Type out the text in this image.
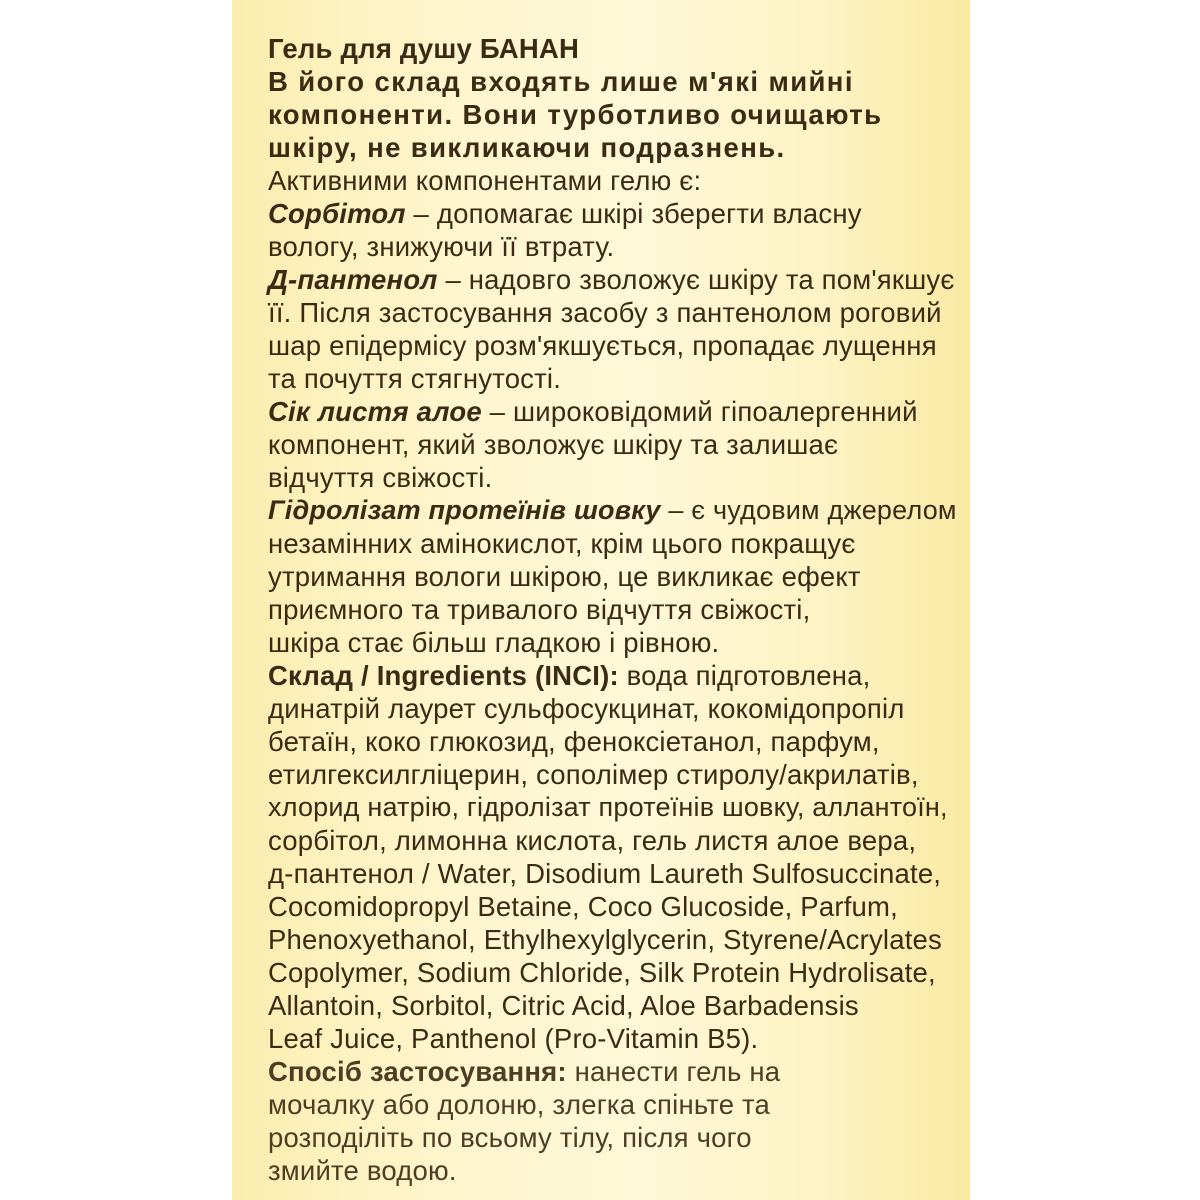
Гель для душу БАНАН
В його склад входять лише м'які мийні
компоненти. Вони турботливо очищають
шкіру, не викликаючи подразнень.
Активними компонентами гелю є:
Сорбітол – допомагає шкірі зберегти власну
вологу, знижуючи її втрату.
Д-пантенол – надовго зволожує шкіру та пом'якшує
її. Після застосування засобу з пантенолом роговий
шар епідермісу розм'якшується, пропадає лущення
та почуття стягнутості.
Сік листя алое – широковідомий гіпоалергенний
компонент, який зволожує шкіру та залишає
відчуття свіжості.
Гідролізат протеїнів шовку – є чудовим джерелом
незамінних амінокислот, крім цього покращує
утримання вологи шкірою, це викликає ефект
приємного та тривалого відчуття свіжості,
шкіра стає більш гладкою і рівною.
Склад / Ingredients (INCI): вода підготовлена,
динатрій лаурет сульфосукцинат, кокомідопропіл
бетаїн, коко глюкозид, феноксіетанол, парфум,
етилгексилгліцерин, сополімер стиролу/акрилатів,
хлорид натрію, гідролізат протеїнів шовку, аллантоїн,
сорбітол, лимонна кислота, гель листя алое вера,
д-пантенол / Water, Disodium Laureth Sulfosuccinate,
Cocomidopropyl Betaine, Coco Glucoside, Parfum,
Phenoxyethanol, Ethylhexylglycerin, Styrene/Acrylates
Copolymer, Sodium Chloride, Silk Protein Hydrolisate,
Allantoin, Sorbitol, Citric Acid, Aloe Barbadensis
Leaf Juice, Panthenol (Pro-Vitamin B5).
Спосіб застосування: нанести гель на
мочалку або долоню, злегка спіньте та
розподіліть по всьому тілу, після чого
змийте водою.
